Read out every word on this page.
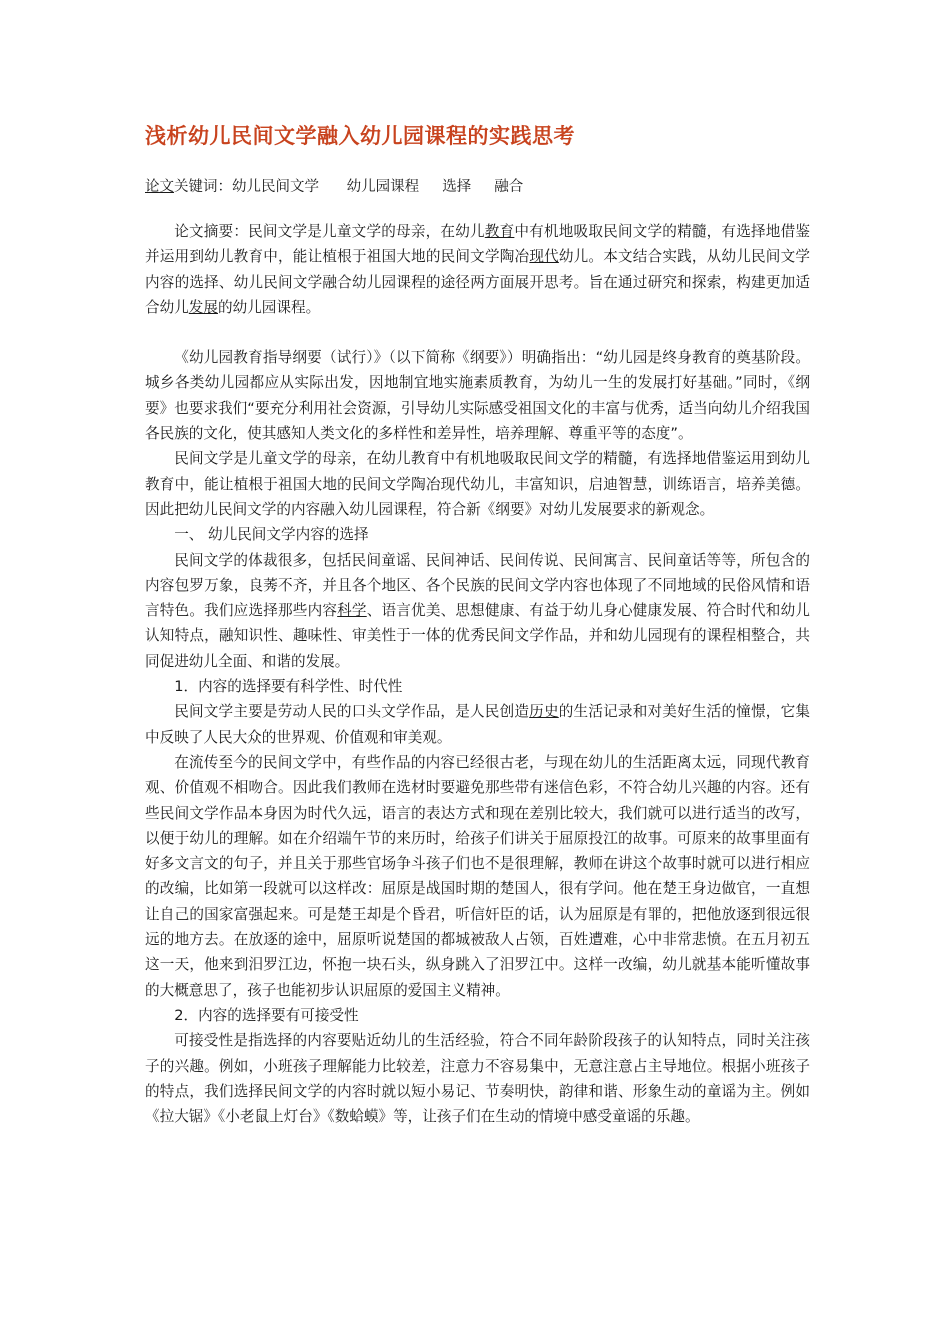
浅析幼儿民间文学融入幼儿园课程的实践思考
论文关键词：幼儿民间文学      幼儿园课程     选择     融合

论文摘要：民间文学是儿童文学的母亲，在幼儿教育中有机地吸取民间文学的精髓，有选择地借鉴并运用到幼儿教育中，能让植根于祖国大地的民间文学陶冶现代幼儿。本文结合实践，从幼儿民间文学内容的选择、幼儿民间文学融合幼儿园课程的途径两方面展开思考。旨在通过研究和探索，构建更加适合幼儿发展的幼儿园课程。

《幼儿园教育指导纲要（试行）》（以下简称《纲要》）明确指出：“幼儿园是终身教育的奠基阶段。城乡各类幼儿园都应从实际出发，因地制宜地实施素质教育，为幼儿一生的发展打好基础。”同时，《纲要》也要求我们“要充分利用社会资源，引导幼儿实际感受祖国文化的丰富与优秀，适当向幼儿介绍我国各民族的文化，使其感知人类文化的多样性和差异性，培养理解、尊重平等的态度”。

民间文学是儿童文学的母亲，在幼儿教育中有机地吸取民间文学的精髓，有选择地借鉴运用到幼儿教育中，能让植根于祖国大地的民间文学陶冶现代幼儿，丰富知识，启迪智慧，训练语言，培养美德。因此把幼儿民间文学的内容融入幼儿园课程，符合新《纲要》对幼儿发展要求的新观念。

一、 幼儿民间文学内容的选择

民间文学的体裁很多，包括民间童谣、民间神话、民间传说、民间寓言、民间童话等等，所包含的内容包罗万象，良莠不齐，并且各个地区、各个民族的民间文学内容也体现了不同地域的民俗风情和语言特色。我们应选择那些内容科学、语言优美、思想健康、有益于幼儿身心健康发展、符合时代和幼儿认知特点，融知识性、趣味性、审美性于一体的优秀民间文学作品，并和幼儿园现有的课程相整合，共同促进幼儿全面、和谐的发展。

1．内容的选择要有科学性、时代性

民间文学主要是劳动人民的口头文学作品，是人民创造历史的生活记录和对美好生活的憧憬，它集中反映了人民大众的世界观、价值观和审美观。

在流传至今的民间文学中，有些作品的内容已经很古老，与现在幼儿的生活距离太远，同现代教育观、价值观不相吻合。因此我们教师在选材时要避免那些带有迷信色彩，不符合幼儿兴趣的内容。还有些民间文学作品本身因为时代久远，语言的表达方式和现在差别比较大，我们就可以进行适当的改写，以便于幼儿的理解。如在介绍端午节的来历时，给孩子们讲关于屈原投江的故事。可原来的故事里面有好多文言文的句子，并且关于那些官场争斗孩子们也不是很理解，教师在讲这个故事时就可以进行相应的改编，比如第一段就可以这样改：屈原是战国时期的楚国人，很有学问。他在楚王身边做官，一直想让自己的国家富强起来。可是楚王却是个昏君，听信奸臣的话，认为屈原是有罪的，把他放逐到很远很远的地方去。在放逐的途中，屈原听说楚国的都城被敌人占领，百姓遭难，心中非常悲愤。在五月初五这一天，他来到汨罗江边，怀抱一块石头，纵身跳入了汨罗江中。这样一改编，幼儿就基本能听懂故事的大概意思了，孩子也能初步认识屈原的爱国主义精神。

2．内容的选择要有可接受性

可接受性是指选择的内容要贴近幼儿的生活经验，符合不同年龄阶段孩子的认知特点，同时关注孩子的兴趣。例如，小班孩子理解能力比较差，注意力不容易集中，无意注意占主导地位。根据小班孩子的特点，我们选择民间文学的内容时就以短小易记、节奏明快，韵律和谐、形象生动的童谣为主。例如《拉大锯》《小老鼠上灯台》《数蛤蟆》等，让孩子们在生动的情境中感受童谣的乐趣。
